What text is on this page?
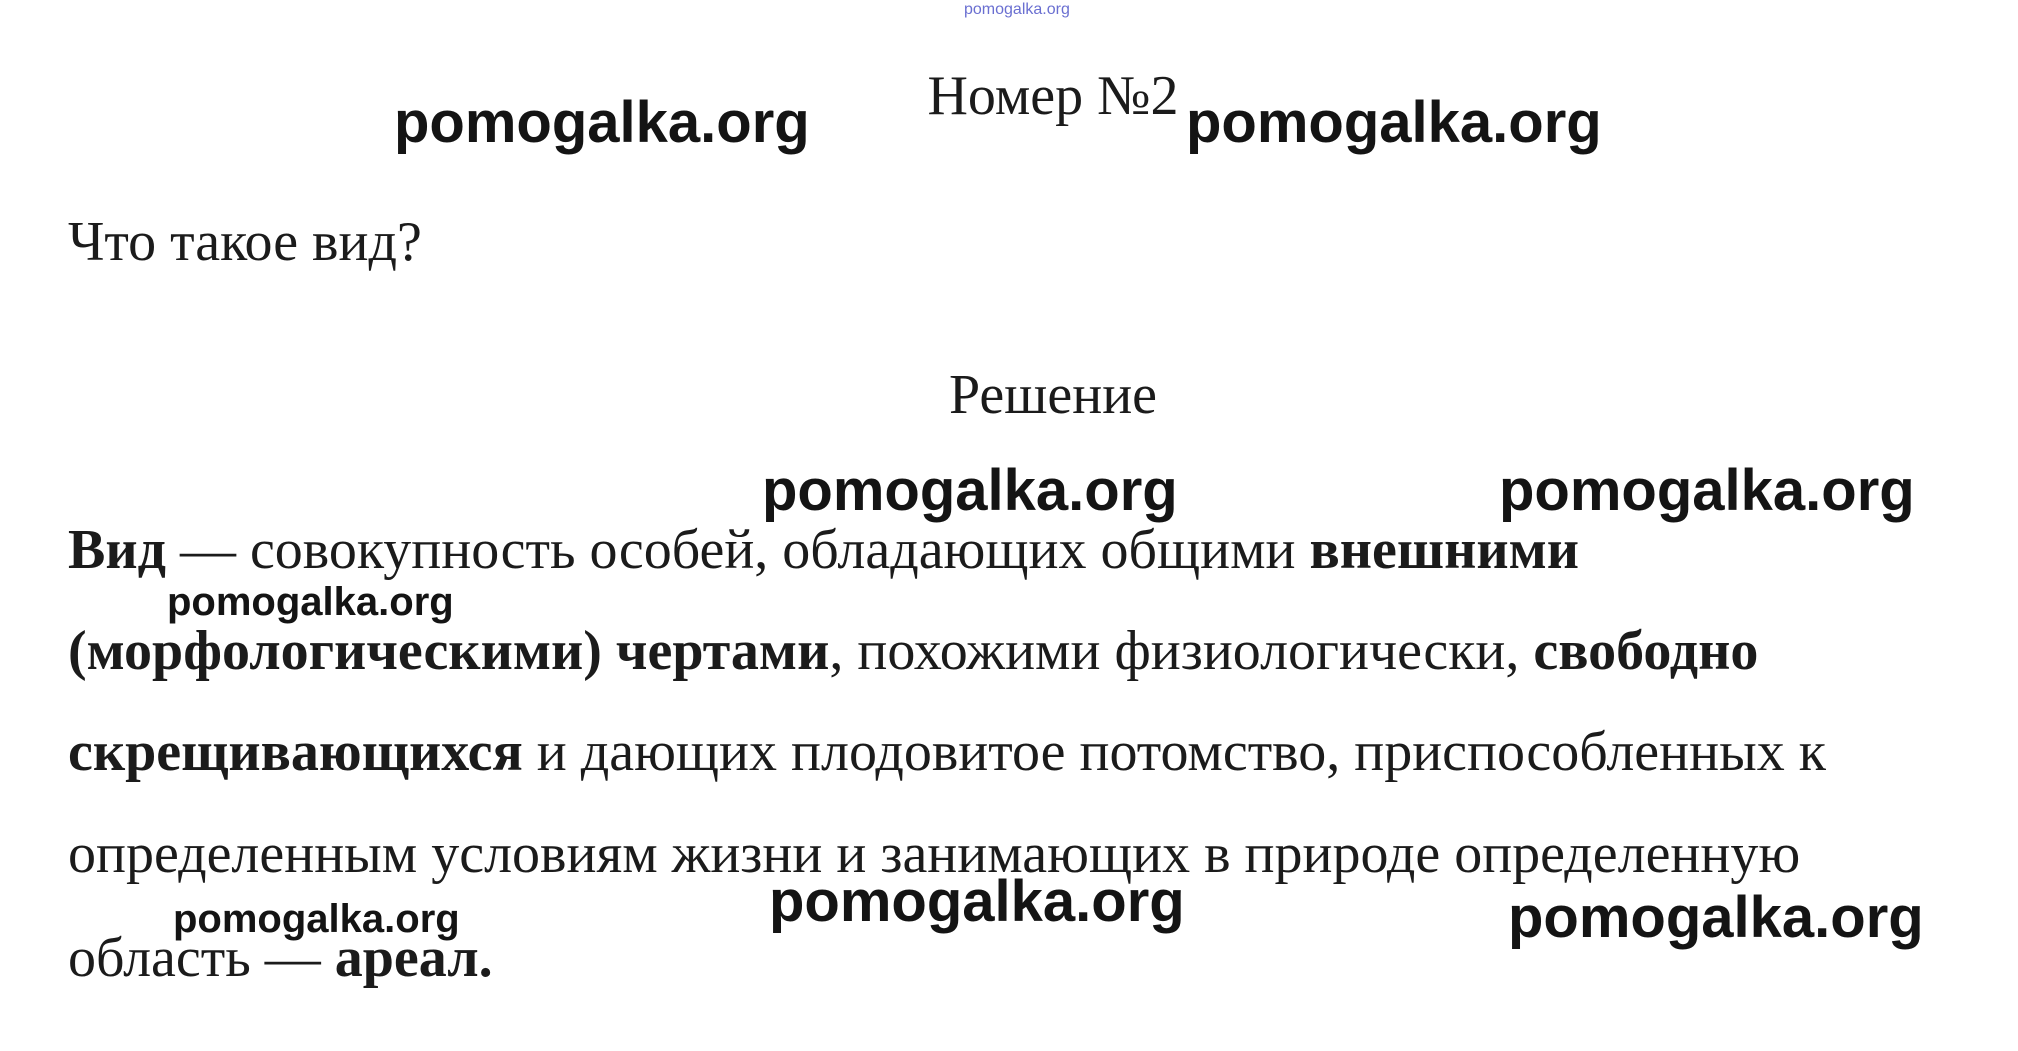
pomogalka.org
Номер №2
Что такое вид?
Решение
Вид — совокупность особей, обладающих общими внешними
(морфологическими) чертами, похожими физиологически, свободно
скрещивающихся и дающих плодовитое потомство, приспособленных к
определенным условиям жизни и занимающих в природе определенную
область — ареал.
pomogalka.org	pomogalka.org
pomogalka.org	pomogalka.org
pomogalka.org
pomogalka.org	pomogalka.org
pomogalka.org
